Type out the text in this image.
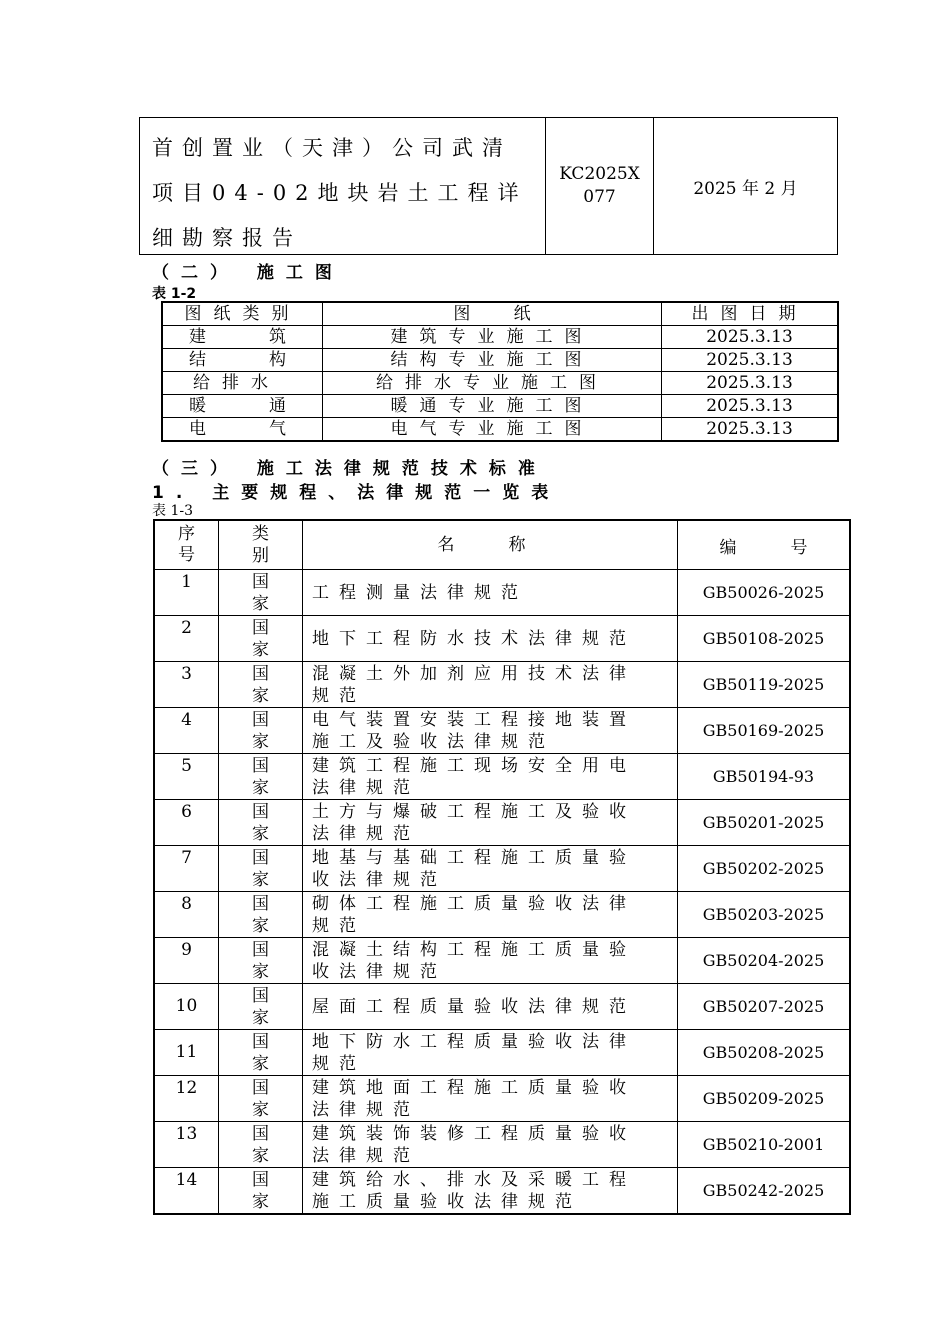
首创置业（天津）公司武清项目04-02地块岩土工程详细勘察报告
KC2025X077	2025 年 2 月
（二） 施工图
表 1-2
图纸类别	图        纸	出图日期

建 筑	建筑专业施工图	2025.3.13

结 构	结构专业施工图	2025.3.13

给排水	给排水专业施工图	2025.3.13

暖 通	暖通专业施工图	2025.3.13

电 气	电气专业施工图	2025.3.13
（三） 施工法律规范技术标准
1. 主要规程、法律规范一览表
表 1-3
序号	类别	名          称	编          号

1	国家	工程测量法律规范	GB50026-2025

2	国家	地下工程防水技术法律规范	GB50108-2025

3	国家	混凝土外加剂应用技术法律规范	GB50119-2025

4	国家	电气装置安装工程接地装置施工及验收法律规范	GB50169-2025

5	国家	建筑工程施工现场安全用电法律规范	GB50194-93

6	国家	土方与爆破工程施工及验收法律规范	GB50201-2025

7	国家	地基与基础工程施工质量验收法律规范	GB50202-2025

8	国家	砌体工程施工质量验收法律规范	GB50203-2025

9	国家	混凝土结构工程施工质量验收法律规范	GB50204-2025

10	国家	屋面工程质量验收法律规范	GB50207-2025

11	国家	地下防水工程质量验收法律规范	GB50208-2025

12	国家	建筑地面工程施工质量验收法律规范	GB50209-2025

13	国家	建筑装饰装修工程质量验收法律规范	GB50210-2001

14	国家	建筑给水、排水及采暖工程施工质量验收法律规范	GB50242-2025
